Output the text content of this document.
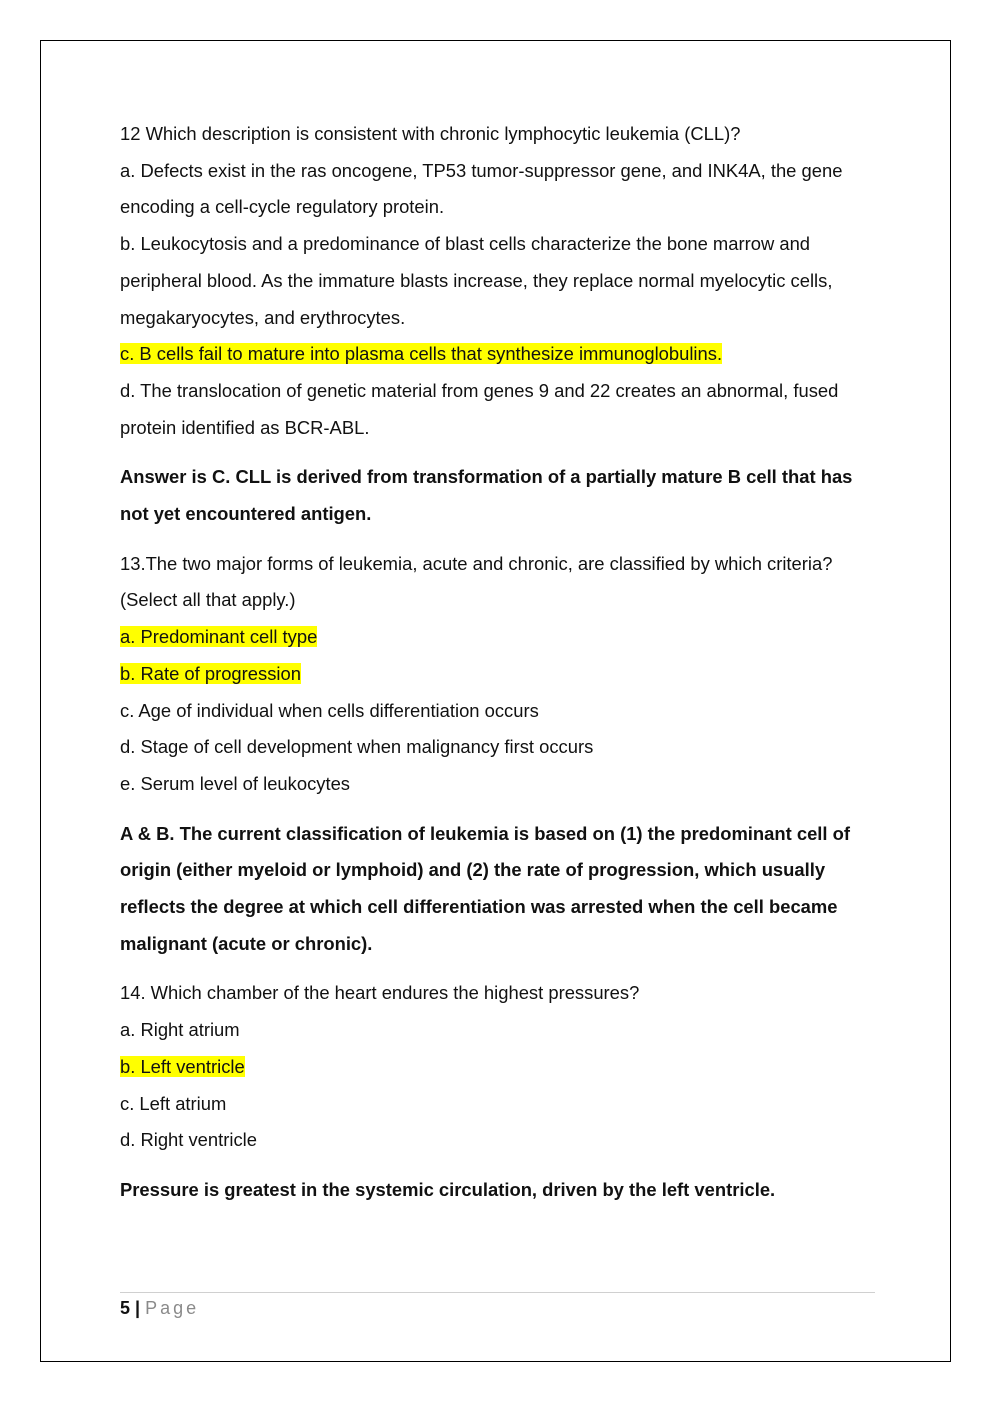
12 Which description is consistent with chronic lymphocytic leukemia (CLL)?

a. Defects exist in the ras oncogene, TP53 tumor-suppressor gene, and INK4A, the gene encoding a cell-cycle regulatory protein.

b. Leukocytosis and a predominance of blast cells characterize the bone marrow and peripheral blood. As the immature blasts increase, they replace normal myelocytic cells, megakaryocytes, and erythrocytes.

c. B cells fail to mature into plasma cells that synthesize immunoglobulins.

d. The translocation of genetic material from genes 9 and 22 creates an abnormal, fused protein identified as BCR-ABL.

Answer is C. CLL is derived from transformation of a partially mature B cell that has not yet encountered antigen.

13.The two major forms of leukemia, acute and chronic, are classified by which criteria? (Select all that apply.)

a. Predominant cell type

b. Rate of progression

c. Age of individual when cells differentiation occurs

d. Stage of cell development when malignancy first occurs

e. Serum level of leukocytes

A & B. The current classification of leukemia is based on (1) the predominant cell of origin (either myeloid or lymphoid) and (2) the rate of progression, which usually reflects the degree at which cell differentiation was arrested when the cell became malignant (acute or chronic).

14. Which chamber of the heart endures the highest pressures?

a. Right atrium

b. Left ventricle

c. Left atrium

d. Right ventricle

Pressure is greatest in the systemic circulation, driven by the left ventricle.

5 | Page
